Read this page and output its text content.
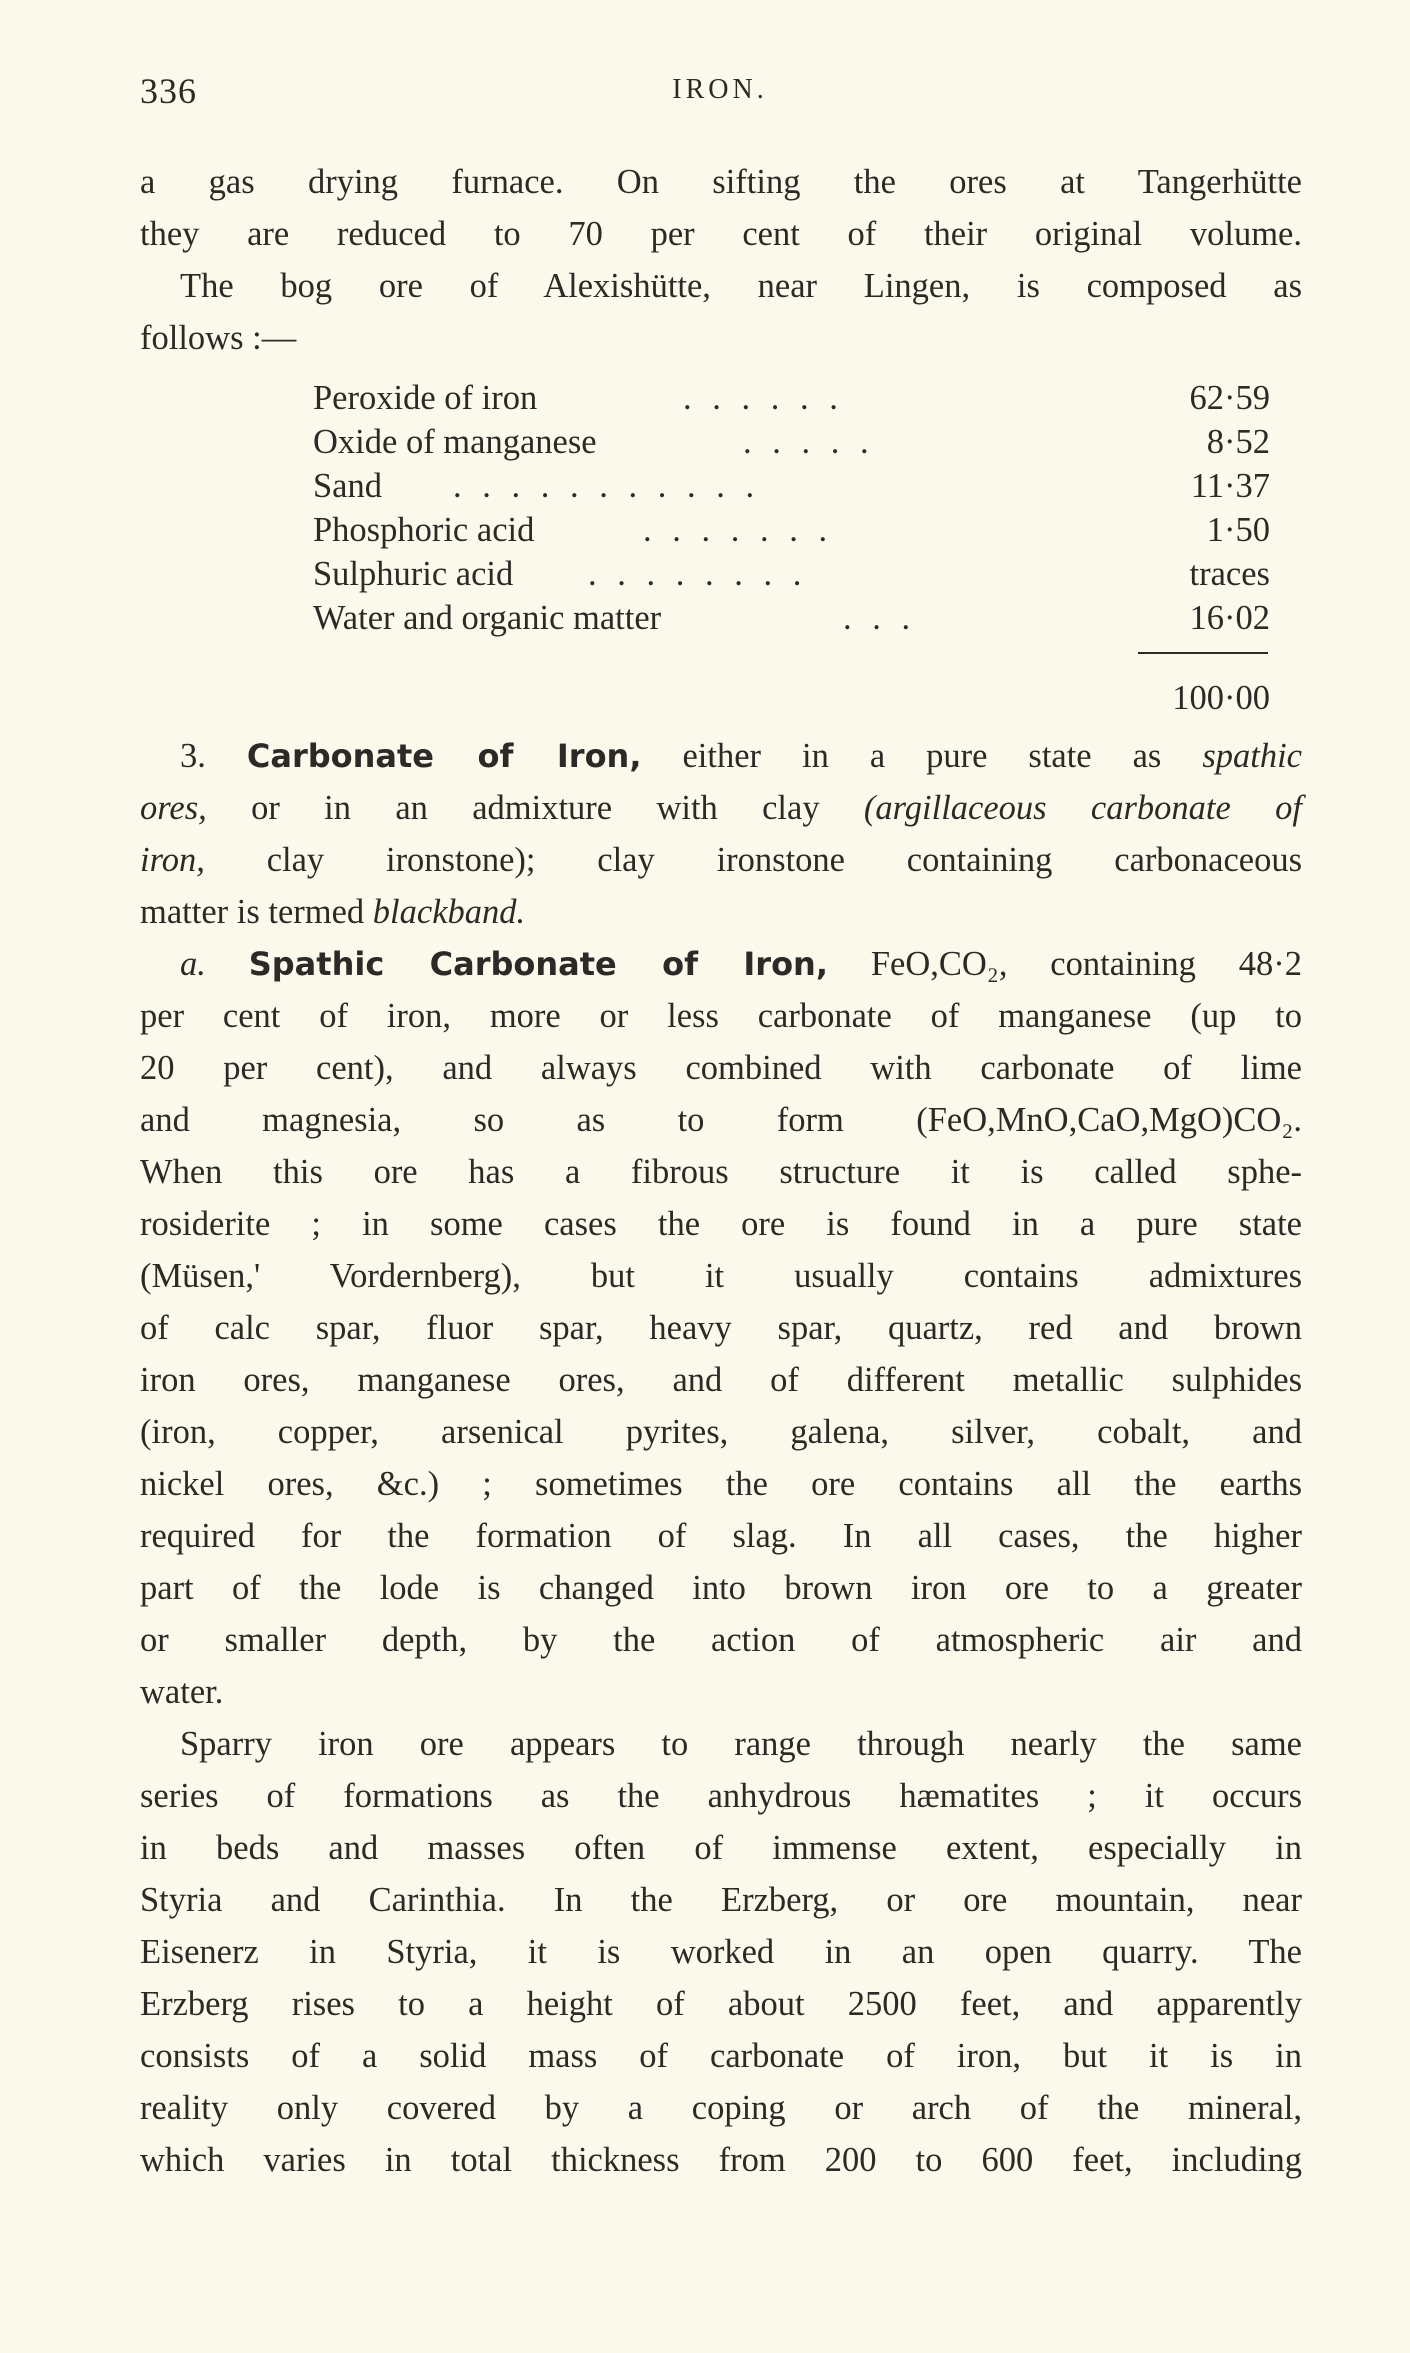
336	IRON.
a gas drying furnace. On sifting the ores at Tangerhütte
they are reduced to 70 per cent of their original volume.
The bog ore of Alexishütte, near Lingen, is composed as
follows :—
Peroxide of iron	. . . . . .	62·59
Oxide of manganese	. . . . .	8·52
Sand . . . . . . . . . . .	11·37
Phosphoric acid	. . . . . . .	1·50
Sulphuric acid . . . . . . . .	traces
Water and organic matter	. . .	16·02
100·00
3. Carbonate of Iron, either in a pure state as spathic
ores, or in an admixture with clay (argillaceous carbonate of
iron, clay ironstone); clay ironstone containing carbonaceous
matter is termed blackband.
a. Spathic Carbonate of Iron, FeO,CO₂, containing 48·2
per cent of iron, more or less carbonate of manganese (up to
20 per cent), and always combined with carbonate of lime
and magnesia, so as to form (FeO,MnO,CaO,MgO)CO₂.
When this ore has a fibrous structure it is called sphe-
rosiderite ; in some cases the ore is found in a pure state
(Müsen,' Vordernberg), but it usually contains admixtures
of calc spar, fluor spar, heavy spar, quartz, red and brown
iron ores, manganese ores, and of different metallic sulphides
(iron, copper, arsenical pyrites, galena, silver, cobalt, and
nickel ores, &c.) ; sometimes the ore contains all the earths
required for the formation of slag. In all cases, the higher
part of the lode is changed into brown iron ore to a greater
or smaller depth, by the action of atmospheric air and
water.
Sparry iron ore appears to range through nearly the same
series of formations as the anhydrous hæmatites ; it occurs
in beds and masses often of immense extent, especially in
Styria and Carinthia. In the Erzberg, or ore mountain, near
Eisenerz in Styria, it is worked in an open quarry. The
Erzberg rises to a height of about 2500 feet, and apparently
consists of a solid mass of carbonate of iron, but it is in
reality only covered by a coping or arch of the mineral,
which varies in total thickness from 200 to 600 feet, including
